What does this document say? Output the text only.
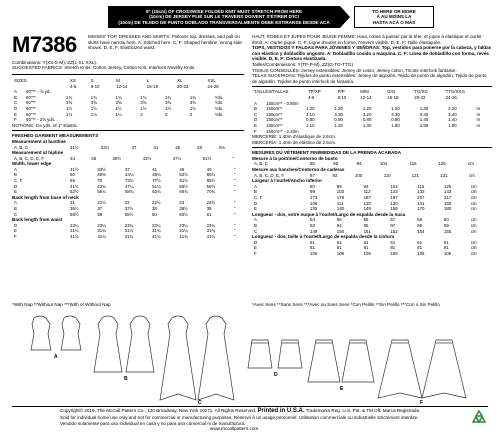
6" (15cm) OF CROSSWISE FOLDED KNIT MUST STRETCH FROM HERE
(10cm) DE JERSEY PLIÉ SUR LE TRAVERS DOIVENT S'ÉTIRER D'ICI
(10cm) DE TEJIDO DE PUNTO DOBLADO TRANSVERSALMENTE DEBE ESTIRARSE DESDE ACÁ
TO HERE OR MORE
À AU MOINS LA
HASTA ACÁ O MÁS
M7386 MISSES' TOP, DRESSES AND SKIRTS: Pullover top, dresses, and pull-on skirts have narrow hem. A: Stitched hem. C, F: Shaped hemline, wrong side shows. D, E, F: Elasticized waist.
Combinations: Y(XS-S-M), ZZ(L-XL-XXL).
SUGGESTED FABRICS: Stretch Knits: Cotton Jersey, Cotton Knit, Interlock Novelty Knits.
SIZES	XS	S	M	L	XL	XXL	
	4-6	8-10	12-14	16-18	20-22	24-26	
A	60"** - ⅞ yd.							
B	60"**	1¾	1¾	1¾	1¾	1¾	1¾	Yds.
C	60"**	3⅝	3⅝	3⅝	3⅝	3⅝	3⅝	Yds.
D	60"**	1½	1½	1½	1½	1½	1½	Yds.
E	60"**	1⅛	1⅛	1¼	2	2	2	Yds.
F	60"** - 2⅝ yds.							
NOTIONS: 1⅛ yds. of 1" Elastic.
FINISHED GARMENT MEASUREMENTS
Measurement at bustline
A, B, C	31½	33½	37	41	45	49	Ins.
Measurement at hipline
A, B, C, D, E, F	34	36	39½	43½	47½	51½	"
Width, lower edge
A	31½	33½	37	41	45	49	"
B	60	48%	44¼	48¾	52½	56½	"
C, F	69	70	73½	77½	81½	85½	"
D	41½	43¾	47¼	51¼	55½	59½	"
E	52½	55¾	58¾	62¾	66¾	70¾	"
Back length from base of neck
A	21	21½	22	22½	23	23½	"
B	36½	37	37½	38	38½	39	"
C	58½	59	59½	60	60½	61	"
Back length from waist
D	23¼	23¼	23¾	23¼	23¼	23¾	"
E	31¼	31¾	31¼	31¾	31¼	31¾	"
F	41¾	41¾	41¾	41¾	41¾	41¾	"
HAUT, ROBES ET JUPES POUR JEUNE FEMME: Haut, robes à passer par la tête, et jupes à élastique et ourlet étroit. A: Ourlet piqué. C, F: Ligne d'ourlet en forme, l'envers visible. D, E, F: Taille élastiquée.
TOPS, VESTIDOS Y FALDAS PARA JÓVENES Y SEÑORAS: Top, vestidos para ponerse por la cabeza, y faldas con elástico y dobladillo angosto. A: Dobladillo cosido a máquina. C, F: Línea de dobladillo con forma, revés visible. D, E, F: Cintura elastizada.
Tailles/Combinaisons: Y(TP-P-M), ZZ(G-TG-TTG)
TISSUS CONSEILLÉS: Jersey extensibles: Jersey de coton, Jersey coton, Tricots interlock fantaisie.
TELAS SUGERIDAS: Tejidos de punto extensibles: Jersey de algodón, Tejido de punto de algodón, Tejido de punto de algodón, Tejidos de punto interlock de fantasía.
TAILLES/TALLAS	TP/XP	P/P	M/M	G/G	TG/XG	TTG/XXG	
	4-6	8-10	12-14	16-18	20-22	24-26	
A	150cm** - 0.80m							
B	150cm**	1.20	1.20	1.20	1.20	1.30	2.20	m
C	150cm**	3.10	3.30	3.20	3.30	3.40	3.40	m
D	150cm**	0.80	0.80	0.80	0.90	1.40	1.40	m
E	150cm**	1.10	1.20	1.30	1.80	1.90	1.90	m
F	150cm** - 2.20m							
MERCERIE: 1.40m d'élastique de 2.5cm.
MERCERÍA: 1.40m de elástico de 2.5cm.
MESURES DU VÊTEMENT FINI/MEDIDAS DE LA PRENDA ACABADA
Mesure à la poitrine/Contorno de busto
A, B, C	80	85	94	104	115	125	cm
Mesure aux hanches/Contorno de caderas
A, B, C, D, E, F	87	92	100	110	121	131	cm
Largeur à l'ourlet/Ancho inferior
A	80	85	94	104	115	125	cm
B	99	103	112	123	133	143	cm
C, F	173	178	187	197	207	217	cm
D	106	111	120	130	141	150	cm
E	135	140	149	159	170	180	cm
Longueur - dos, votre nuque à l'ourlet/Largo de espalda desde la nuca
A	54	55	56	57	59	60	cm
B	93	94	95	97	98	99	cm
C	149	150	151	152	154	155	cm
Longueur - dos, taille à l'ourlet/Largo de espalda desde la cintura
D	61	61	61	61	61	61	cm
E	81	81	81	81	81	81	cm
F	106	106	106	106	106	106	cm
*With Nap **Without Nap ***With or Without Nap	*Avec Sens **Sans Sens ***Avec ou Sans Sens *Con Pelillo **Sin Pelillo ***Con o Sin Pelillo
A
B
C
D
E
F
Copyright© 2016, The McCall Pattern Co., 120 Broadway, New York 10271. All Rights Reserved. Printed in U.S.A. Trademarks Reg. U.S. Pat. & TM Off. Marca Registrada
Sold for individual home use only and not for commercial or manufacturing purposes. Réservé à un usage personnel. Utilisation commerciale ou industrielle strictement interdite.
Vendido solamente para uso individual en casa y no para uso comercial ni de manufactura.
www.mccallpattern.com
